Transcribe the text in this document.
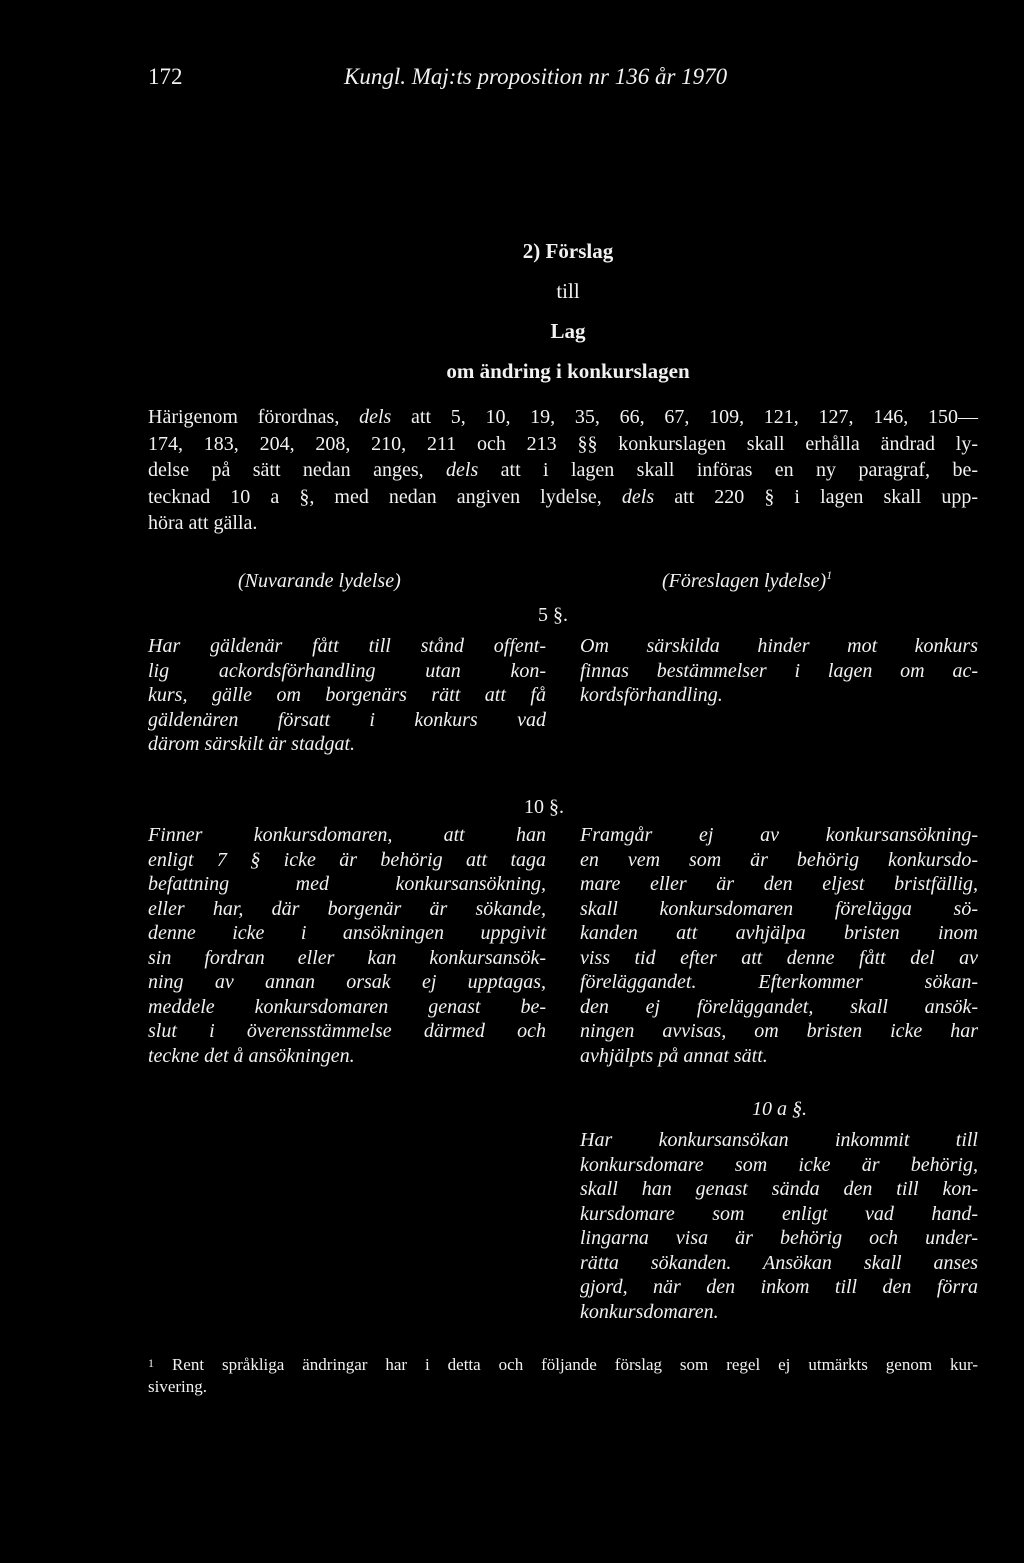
172	Kungl. Maj:ts proposition nr 136 år 1970
2) Förslag
till
Lag
om ändring i konkurslagen
Härigenom förordnas, dels att 5, 10, 19, 35, 66, 67, 109, 121, 127, 146, 150—
174, 183, 204, 208, 210, 211 och 213 §§ konkurslagen skall erhålla ändrad ly-
delse på sätt nedan anges, dels att i lagen skall införas en ny paragraf, be-
tecknad 10 a §, med nedan angiven lydelse, dels att 220 § i lagen skall upp-
höra att gälla.
(Nuvarande lydelse)	(Föreslagen lydelse)$^1$
5 §.
Har gäldenär fått till stånd offent-
lig ackordsförhandling utan kon-
kurs, gälle om borgenärs rätt att få
gäldenären försatt i konkurs vad
därom särskilt är stadgat.
Om särskilda hinder mot konkurs
finnas bestämmelser i lagen om ac-
kordsförhandling.
10 §.
Finner konkursdomaren, att han
enligt 7 § icke är behörig att taga
befattning med konkursansökning,
eller har, där borgenär är sökande,
denne icke i ansökningen uppgivit
sin fordran eller kan konkursansök-
ning av annan orsak ej upptagas,
meddele konkursdomaren genast be-
slut i överensstämmelse därmed och
teckne det å ansökningen.
Framgår ej av konkursansökning-
en vem som är behörig konkursdo-
mare eller är den eljest bristfällig,
skall konkursdomaren förelägga sö-
kanden att avhjälpa bristen inom
viss tid efter att denne fått del av
föreläggandet. Efterkommer sökan-
den ej föreläggandet, skall ansök-
ningen avvisas, om bristen icke har
avhjälpts på annat sätt.
10 a §.
Har konkursansökan inkommit till
konkursdomare som icke är behörig,
skall han genast sända den till kon-
kursdomare som enligt vad hand-
lingarna visa är behörig och under-
rätta sökanden. Ansökan skall anses
gjord, när den inkom till den förra
konkursdomaren.
$^1$ Rent språkliga ändringar har i detta och följande förslag som regel ej utmärkts genom kur-
sivering.
